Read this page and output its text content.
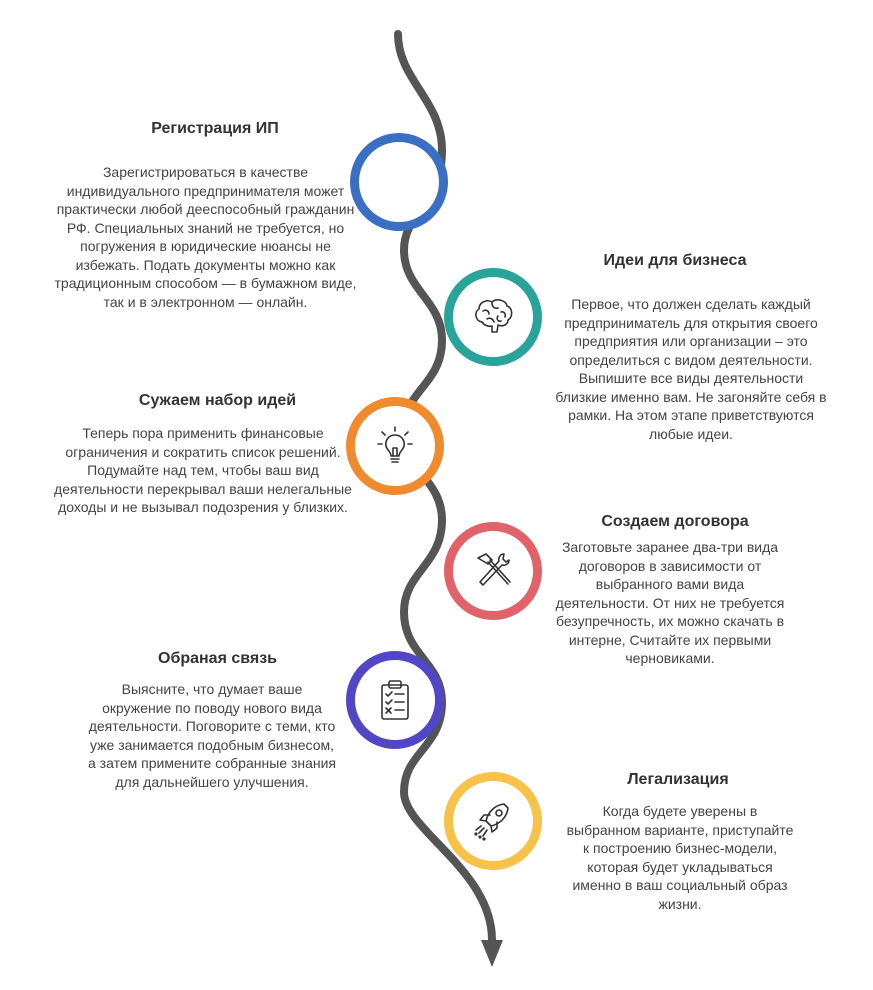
Регистрация ИП
Зарегистрироваться в качестве индивидуального предпринимателя может практически любой дееспособный гражданин РФ. Специальных знаний не требуется, но погружения в юридические нюансы не избежать. Подать документы можно как традиционным способом — в бумажном виде, так и в электронном — онлайн.
Идеи для бизнеса
Первое, что должен сделать каждый предприниматель для открытия своего предприятия или организации – это определиться с видом деятельности. Выпишите все виды деятельности близкие именно вам. Не загоняйте себя в рамки. На этом этапе приветствуются любые идеи.
Сужаем набор идей
Теперь пора применить финансовые ограничения и сократить список решений. Подумайте над тем, чтобы ваш вид деятельности перекрывал ваши нелегальные доходы и не вызывал подозрения у близких.
Создаем договора
Заготовьте заранее два-три вида договоров в зависимости от выбранного вами вида деятельности. От них не требуется безупречность, их можно скачать в интерне, Считайте их первыми черновиками.
Обраная связь
Выясните, что думает ваше окружение по поводу нового вида деятельности. Поговорите с теми, кто уже занимается подобным бизнесом, а затем примените собранные знания для дальнейшего улучшения.	Легализация
Когда будете уверены в выбранном варианте, приступайте к построению бизнес-модели, которая будет укладываться именно в ваш социальный образ жизни.
